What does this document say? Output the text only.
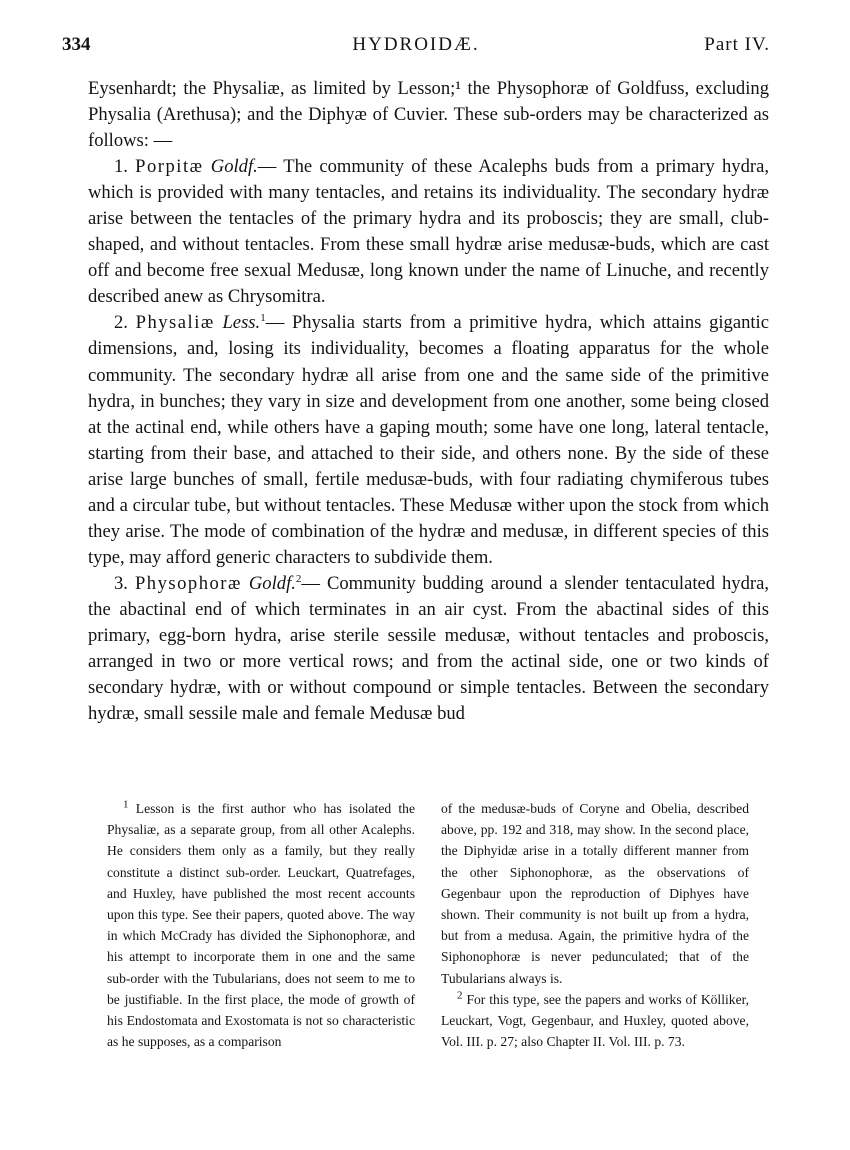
334	HYDROIDÆ.	Part IV.

Eysenhardt; the Physaliæ, as limited by Lesson;¹ the Physophoræ of Goldfuss, excluding Physalia (Arethusa); and the Diphyæ of Cuvier. These sub-orders may be characterized as follows: —

1. Porpitæ Goldf.— The community of these Acalephs buds from a primary hydra, which is provided with many tentacles, and retains its individuality. The secondary hydræ arise between the tentacles of the primary hydra and its proboscis; they are small, club-shaped, and without tentacles. From these small hydræ arise medusæ-buds, which are cast off and become free sexual Medusæ, long known under the name of Linuche, and recently described anew as Chrysomitra.

2. Physaliæ Less.$^1$— Physalia starts from a primitive hydra, which attains gigantic dimensions, and, losing its individuality, becomes a floating apparatus for the whole community. The secondary hydræ all arise from one and the same side of the primitive hydra, in bunches; they vary in size and development from one another, some being closed at the actinal end, while others have a gaping mouth; some have one long, lateral tentacle, starting from their base, and attached to their side, and others none. By the side of these arise large bunches of small, fertile medusæ-buds, with four radiating chymiferous tubes and a circular tube, but without tentacles. These Medusæ wither upon the stock from which they arise. The mode of combination of the hydræ and medusæ, in different species of this type, may afford generic characters to subdivide them.

3. Physophoræ Goldf.$^2$— Community budding around a slender tentaculated hydra, the abactinal end of which terminates in an air cyst. From the abactinal sides of this primary, egg-born hydra, arise sterile sessile medusæ, without tentacles and proboscis, arranged in two or more vertical rows; and from the actinal side, one or two kinds of secondary hydræ, with or without compound or simple tentacles. Between the secondary hydræ, small sessile male and female Medusæ bud

$^1$ Lesson is the first author who has isolated the Physaliæ, as a separate group, from all other Acalephs. He considers them only as a family, but they really constitute a distinct sub-order. Leuckart, Quatrefages, and Huxley, have published the most recent accounts upon this type. See their papers, quoted above. The way in which McCrady has divided the Siphonophoræ, and his attempt to incorporate them in one and the same sub-order with the Tubularians, does not seem to me to be justifiable. In the first place, the mode of growth of his Endostomata and Exostomata is not so characteristic as he supposes, as a comparison

of the medusæ-buds of Coryne and Obelia, described above, pp. 192 and 318, may show. In the second place, the Diphyidæ arise in a totally different manner from the other Siphonophoræ, as the observations of Gegenbaur upon the reproduction of Diphyes have shown. Their community is not built up from a hydra, but from a medusa. Again, the primitive hydra of the Siphonophoræ is never pedunculated; that of the Tubularians always is.

$^2$ For this type, see the papers and works of Kölliker, Leuckart, Vogt, Gegenbaur, and Huxley, quoted above, Vol. III. p. 27; also Chapter II. Vol. III. p. 73.
